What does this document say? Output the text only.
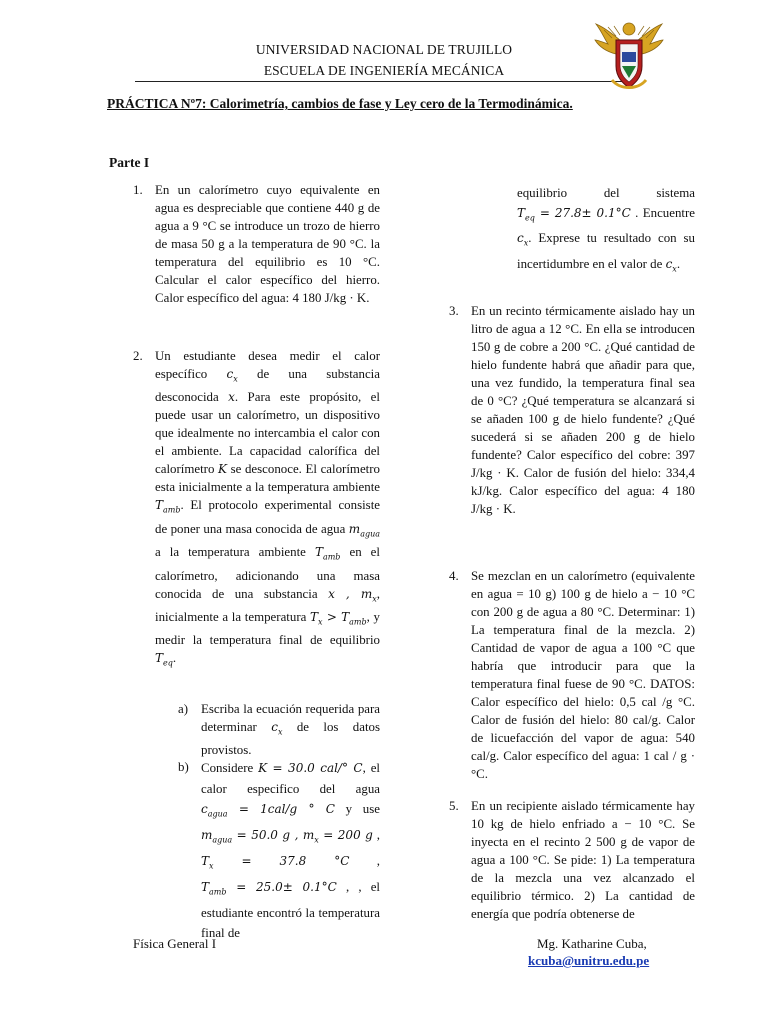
UNIVERSIDAD NACIONAL DE TRUJILLO
ESCUELA DE INGENIERÍA MECÁNICA
PRÁCTICA Nº7: Calorimetría, cambios de fase y Ley cero de la Termodinámica.
Parte I
1. En un calorímetro cuyo equivalente en agua es despreciable que contiene 440 g de agua a 9 °C se introduce un trozo de hierro de masa 50 g a la temperatura de 90 °C. la temperatura del equilibrio es 10 °C. Calcular el calor específico del hierro. Calor específico del agua: 4 180 J/kg · K.
2. Un estudiante desea medir el calor específico $c_x$ de una substancia desconocida x. Para este propósito, el puede usar un calorímetro, un dispositivo que idealmente no intercambia el calor con el ambiente. La capacidad calorífica del calorímetro K se desconoce. El calorímetro esta inicialmente a la temperatura ambiente $T_{amb}$. El protocolo experimental consiste de poner una masa conocida de agua $m_{agua}$ a la temperatura ambiente $T_{amb}$ en el calorímetro, adicionando una masa conocida de una substancia x , $m_x$, inicialmente a la temperatura $T_x > T_{amb}$, y medir la temperatura final de equilibrio $T_{eq}$.
a) Escriba la ecuación requerida para determinar $c_x$ de los datos provistos.
b) Considere K = 30.0 cal/° C, el calor especifico del agua $c_{agua} = 1cal/g$ ° C y use $m_{agua} = 50.0$ g , $m_x = 200$ g , $T_x = 37.8$ °C , $T_{amb} = 25.0\pm 0.1^\circ C$ , , el estudiante encontró la temperatura final de
equilibrio del sistema $T_{eq} = 27.8\pm 0.1^\circ C$ . Encuentre $c_x$. Exprese tu resultado con su incertidumbre en el valor de $c_x$.
3. En un recinto térmicamente aislado hay un litro de agua a 12 °C. En ella se introducen 150 g de cobre a 200 °C. ¿Qué cantidad de hielo fundente habrá que añadir para que, una vez fundido, la temperatura final sea de 0 °C? ¿Qué temperatura se alcanzará si se añaden 100 g de hielo fundente? ¿Qué sucederá si se añaden 200 g de hielo fundente? Calor específico del cobre: 397 J/kg · K. Calor de fusión del hielo: 334,4 kJ/kg. Calor específico del agua: 4 180 J/kg · K.
4. Se mezclan en un calorímetro (equivalente en agua = 10 g) 100 g de hielo a − 10 °C con 200 g de agua a 80 °C. Determinar: 1) La temperatura final de la mezcla. 2) Cantidad de vapor de agua a 100 °C que habría que introducir para que la temperatura final fuese de 90 °C. DATOS: Calor específico del hielo: 0,5 cal /g °C. Calor de fusión del hielo: 80 cal/g. Calor de licuefacción del vapor de agua: 540 cal/g. Calor específico del agua: 1 cal / g · °C.
5. En un recipiente aislado térmicamente hay 10 kg de hielo enfriado a − 10 °C. Se inyecta en el recinto 2 500 g de vapor de agua a 100 °C. Se pide: 1) La temperatura de la mezcla una vez alcanzado el equilibrio térmico. 2) La cantidad de energía que podría obtenerse de
Física General I	Mg. Katharine Cuba,
kcuba@unitru.edu.pe
